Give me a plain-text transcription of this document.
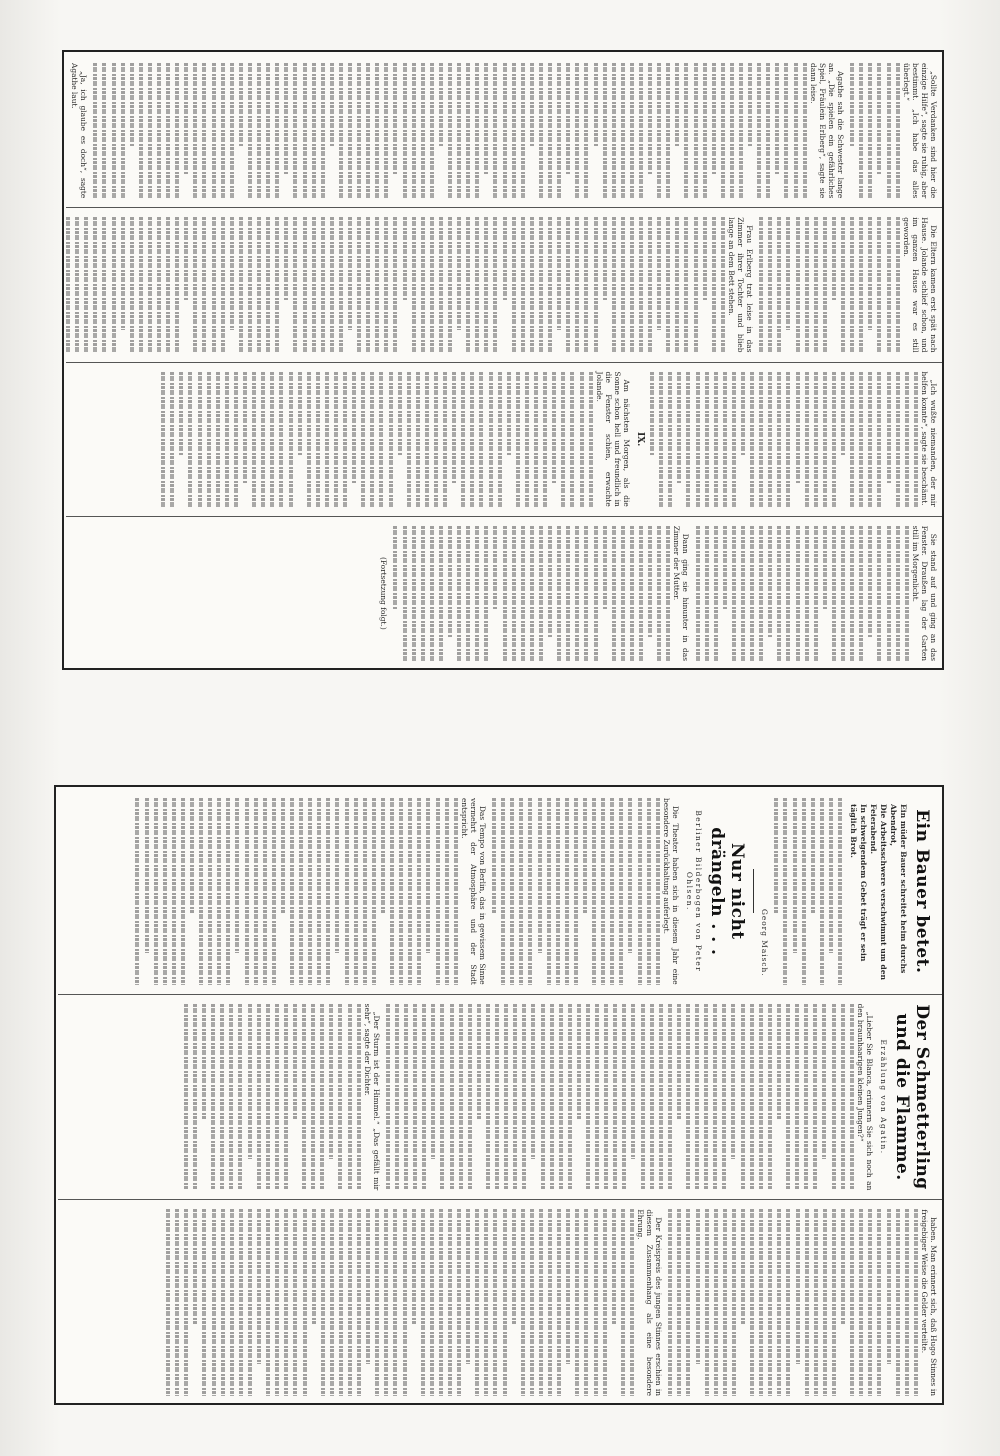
„Sollte Verdanken sind hier die einzige Hilfe“, sagte sie ruhig, aber bestimmt. „Ich habe das alles überlegt.“

Agathe sah die Schwester lange an. „Die spielen ein gefährliches Spiel, Fräulein Erlberg“, sagte sie dann leise.

„Ja, ich glaube es doch“, sagte Agathe laut.

Die Eltern kamen erst spät nach Hause. Jolande schlief schon, und im ganzen Hause war es still geworden.

Frau Erlberg trat leise in das Zimmer ihrer Tochter und blieb lange an dem Bett stehen.

„Ich wußte niemanden, der mir helfen konnte“, sagte sie beschämt.

IX.

Am nächsten Morgen, als die Sonne schon hell und freundlich in die Fenster schien, erwachte Jolande.

Sie stand auf und ging an das Fenster. Draußen lag der Garten still im Morgenlicht.

Dann ging sie hinunter in das Zimmer der Mutter.

(Fortsetzung folgt.)
Ein Bauer betet.
Ein müder Bauer schreitet heim durchs Abendrot,
Die Arbeitsschwere verschwimmt um den Feierabend.
In schweigendem Gebet trägt er sein täglich Brot.
Georg Maisch.
Nur nicht drängeln . . .
Berliner Bilderbogen von Peter Ohlsen.

Die Theater haben sich in diesem Jahr eine besondere Zurückhaltung auferlegt.

Das Tempo von Berlin, das in gewissem Sinne vermehrt der Atmosphäre und der Stadt entspricht.

Der Schmetterling und die Flamme.
Erzählung von Agatin.

„Lieber Sie Blanca, erinnern Sie sich noch an den braunhaarigen kleinen Jungen?“

„Der Sturm ist der Himmel.“ „Das gefällt mir sehr“, sagte der Dichter.

haben. Man erinnert sich, daß Hugo Stinnes in freigebiger Weise die Gelder verteilte.

Der Kreispreis des jungen Stinnes erschien in diesem Zusammenhang als eine besondere Ehrung.
